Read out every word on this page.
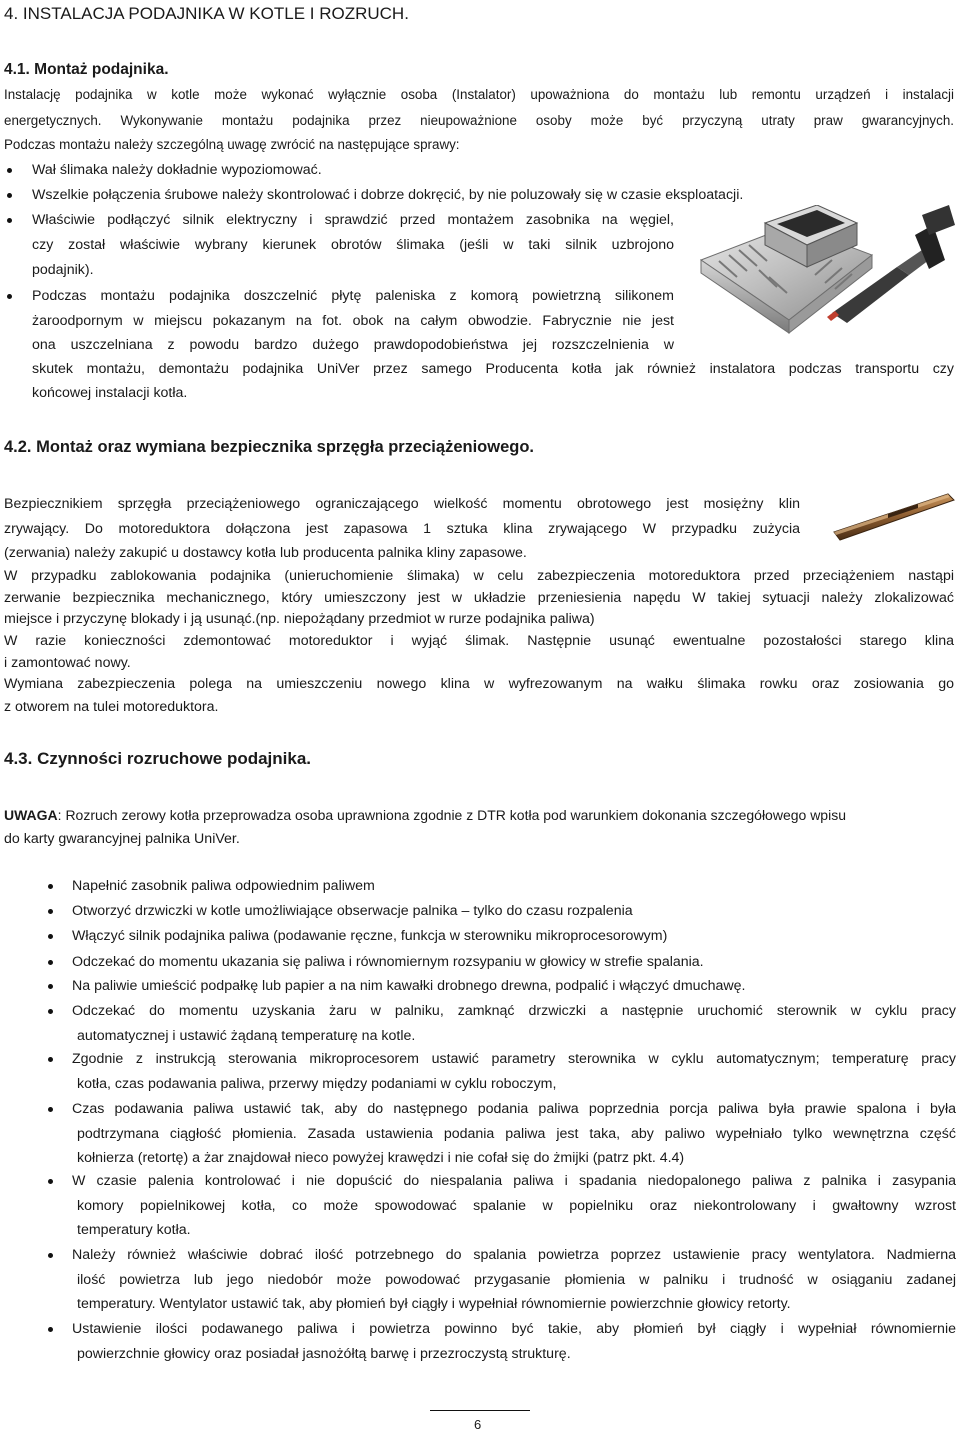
4. INSTALACJA PODAJNIKA W KOTLE I ROZRUCH.
4.1. Montaż podajnika.
Instalację podajnika w kotle może wykonać wyłącznie osoba (Instalator) upoważniona do montażu lub remontu urządzeń i instalacji
energetycznych. Wykonywanie montażu podajnika przez nieupoważnione osoby może być przyczyną utraty praw gwarancyjnych.
Podczas montażu należy szczególną uwagę zwrócić na następujące sprawy:
Wał ślimaka należy dokładnie wypoziomować.
Wszelkie połączenia śrubowe należy skontrolować i dobrze dokręcić, by nie poluzowały się w czasie eksploatacji.
Właściwie podłączyć silnik elektryczny i sprawdzić przed montażem zasobnika na węgiel,
czy został właściwie wybrany kierunek obrotów ślimaka (jeśli w taki silnik uzbrojono
podajnik).
Podczas montażu podajnika doszczelnić płytę paleniska z komorą powietrzną silikonem
żaroodpornym w miejscu pokazanym na fot. obok na całym obwodzie. Fabrycznie nie jest
ona uszczelniana z powodu bardzo dużego prawdopodobieństwa jej rozszczelnienia w
skutek montażu, demontażu podajnika UniVer przez samego Producenta kotła jak również instalatora podczas transportu czy
końcowej instalacji kotła.
4.2. Montaż oraz wymiana bezpiecznika sprzęgła przeciążeniowego.
Bezpiecznikiem sprzęgła przeciążeniowego ograniczającego wielkość momentu obrotowego jest mosiężny klin
zrywający. Do motoreduktora dołączona jest zapasowa 1 sztuka klina zrywającego W przypadku zużycia
(zerwania) należy zakupić u dostawcy kotła lub producenta palnika kliny zapasowe.
W przypadku zablokowania podajnika (unieruchomienie ślimaka) w celu zabezpieczenia motoreduktora przed przeciążeniem nastąpi
zerwanie bezpiecznika mechanicznego, który umieszczony jest w układzie przeniesienia napędu W takiej sytuacji należy zlokalizować
miejsce i przyczynę blokady i ją usunąć.(np. niepożądany przedmiot w rurze podajnika paliwa)
W razie konieczności zdemontować motoreduktor i wyjąć ślimak. Następnie usunąć ewentualne pozostałości starego klina
i zamontować nowy.
Wymiana zabezpieczenia polega na umieszczeniu nowego klina w wyfrezowanym na wałku ślimaka rowku oraz zosiowania go
z otworem na tulei motoreduktora.
4.3. Czynności rozruchowe podajnika.
UWAGA: Rozruch zerowy kotła przeprowadza osoba uprawniona zgodnie z DTR kotła pod warunkiem dokonania szczegółowego wpisu
do karty gwarancyjnej palnika UniVer.
Napełnić zasobnik paliwa odpowiednim paliwem
Otworzyć drzwiczki w kotle umożliwiające obserwacje palnika – tylko do czasu rozpalenia
Włączyć silnik podajnika paliwa (podawanie ręczne, funkcja w sterowniku mikroprocesorowym)
Odczekać do momentu ukazania się paliwa i równomiernym rozsypaniu w głowicy w strefie spalania.
Na paliwie umieścić podpałkę lub papier a na nim kawałki drobnego drewna, podpalić i włączyć dmuchawę.
Odczekać do momentu uzyskania żaru w palniku, zamknąć drzwiczki a następnie uruchomić sterownik w cyklu pracy
automatycznej i ustawić żądaną temperaturę na kotle.
Zgodnie z instrukcją sterowania mikroprocesorem ustawić parametry sterownika w cyklu automatycznym; temperaturę pracy
kotła, czas podawania paliwa, przerwy między podaniami w cyklu roboczym,
Czas podawania paliwa ustawić tak, aby do następnego podania paliwa poprzednia porcja paliwa była prawie spalona i była
podtrzymana ciągłość płomienia. Zasada ustawienia podania paliwa jest taka, aby paliwo wypełniało tylko wewnętrzna część
kołnierza (retortę) a żar znajdował nieco powyżej krawędzi i nie cofał się do żmijki (patrz pkt. 4.4)
W czasie palenia kontrolować i nie dopuścić do niespalania paliwa i spadania niedopalonego paliwa z palnika i zasypania
komory popielnikowej kotła, co może spowodować spalanie w popielniku oraz niekontrolowany i gwałtowny wzrost
temperatury kotła.
Należy również właściwie dobrać ilość potrzebnego do spalania powietrza poprzez ustawienie pracy wentylatora. Nadmierna
ilość powietrza lub jego niedobór może powodować przygasanie płomienia w palniku i trudność w osiąganiu zadanej
temperatury. Wentylator ustawić tak, aby płomień był ciągły i wypełniał równomiernie powierzchnie głowicy retorty.
Ustawienie ilości podawanego paliwa i powietrza powinno być takie, aby płomień był ciągły i wypełniał równomiernie
powierzchnie głowicy oraz posiadał jasnożółtą barwę i przezroczystą strukturę.
6
